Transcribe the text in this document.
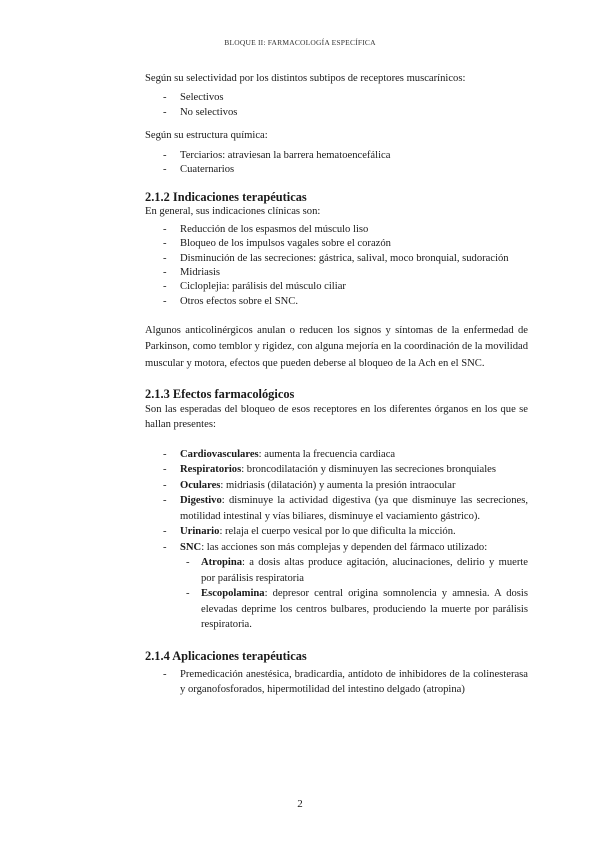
BLOQUE II: FARMACOLOGÍA ESPECÍFICA

Según su selectividad por los distintos subtipos de receptores muscarínicos:

- Selectivos
- No selectivos

Según su estructura química:

- Terciarios: atraviesan la barrera hematoencefálica
- Cuaternarios
2.1.2 Indicaciones terapéuticas

En general, sus indicaciones clínicas son:

- Reducción de los espasmos del músculo liso
- Bloqueo de los impulsos vagales sobre el corazón
- Disminución de las secreciones: gástrica, salival, moco bronquial, sudoración
- Midriasis
- Cicloplejia: parálisis del músculo ciliar
- Otros efectos sobre el SNC.

Algunos anticolinérgicos anulan o reducen los signos y síntomas de la enfermedad de Parkinson, como temblor y rigidez, con alguna mejoría en la coordinación de la movilidad muscular y motora, efectos que pueden deberse al bloqueo de la Ach en el SNC.

2.1.3 Efectos farmacológicos

Son las esperadas del bloqueo de esos receptores en los diferentes órganos en los que se hallan presentes:

- Cardiovasculares: aumenta la frecuencia cardiaca
- Respiratorios: broncodilatación y disminuyen las secreciones bronquiales
- Oculares: midriasis (dilatación) y aumenta la presión intraocular
- Digestivo: disminuye la actividad digestiva (ya que disminuye las secreciones, motilidad intestinal y vías biliares, disminuye el vaciamiento gástrico).
- Urinario: relaja el cuerpo vesical por lo que dificulta la micción.
- SNC: las acciones son más complejas y dependen del fármaco utilizado:
- Atropina: a dosis altas produce agitación, alucinaciones, delirio y muerte por parálisis respiratoria
- Escopolamina: depresor central origina somnolencia y amnesia. A dosis elevadas deprime los centros bulbares, produciendo la muerte por parálisis respiratoria.
2.1.4 Aplicaciones terapéuticas
- Premedicación anestésica, bradicardia, antídoto de inhibidores de la colinesterasa y organofosforados, hipermotilidad del intestino delgado (atropina)
2
